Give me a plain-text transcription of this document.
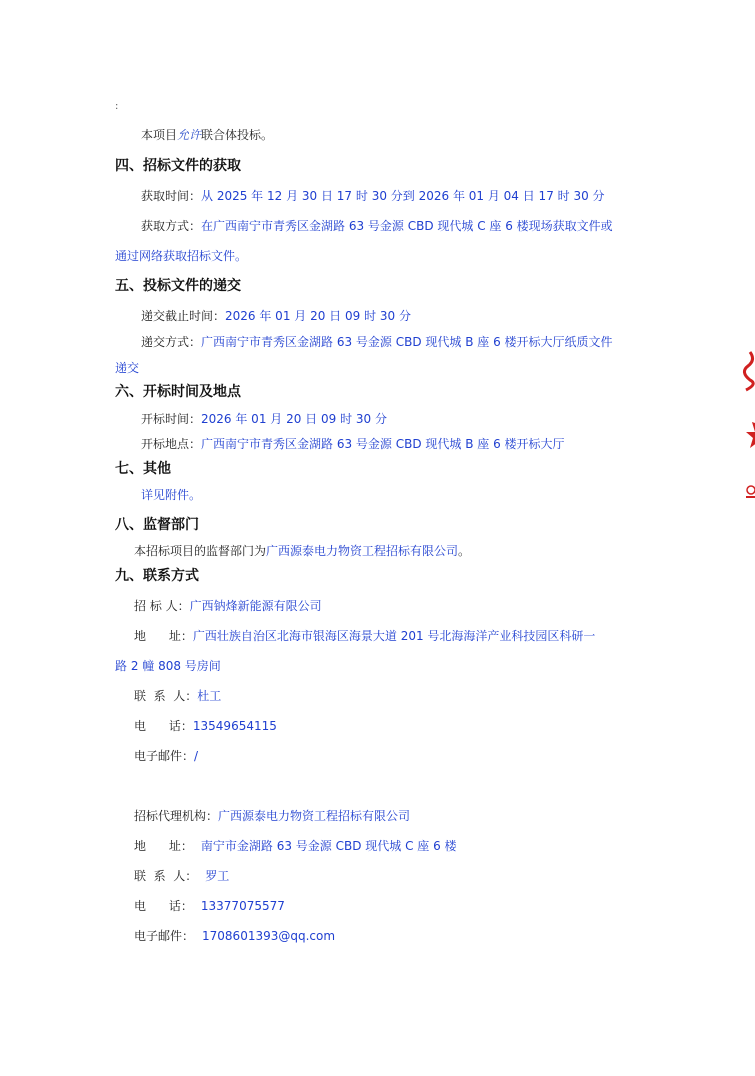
:
本项目允许联合体投标。
四、招标文件的获取
获取时间：从 2025 年 12 月 30 日 17 时 30 分到 2026 年 01 月 04 日 17 时 30 分
获取方式：在广西南宁市青秀区金湖路 63 号金源 CBD 现代城 C 座 6 楼现场获取文件或
通过网络获取招标文件。
五、投标文件的递交
递交截止时间：2026 年 01 月 20 日 09 时 30 分
递交方式：广西南宁市青秀区金湖路 63 号金源 CBD 现代城 B 座 6 楼开标大厅纸质文件
递交
六、开标时间及地点
开标时间：2026 年 01 月 20 日 09 时 30 分
开标地点：广西南宁市青秀区金湖路 63 号金源 CBD 现代城 B 座 6 楼开标大厅
七、其他
详见附件。
八、监督部门
本招标项目的监督部门为广西源泰电力物资工程招标有限公司。
九、联系方式
招 标 人：广西钠烽新能源有限公司
地      址：广西壮族自治区北海市银海区海景大道 201 号北海海洋产业科技园区科研一
路 2 幢 808 号房间
联  系  人：杜工
电      话：13549654115
电子邮件：/
招标代理机构：广西源泰电力物资工程招标有限公司
地      址： 南宁市金湖路 63 号金源 CBD 现代城 C 座 6 楼
联  系  人： 罗工
电      话： 13377075577
电子邮件： 1708601393@qq.com
